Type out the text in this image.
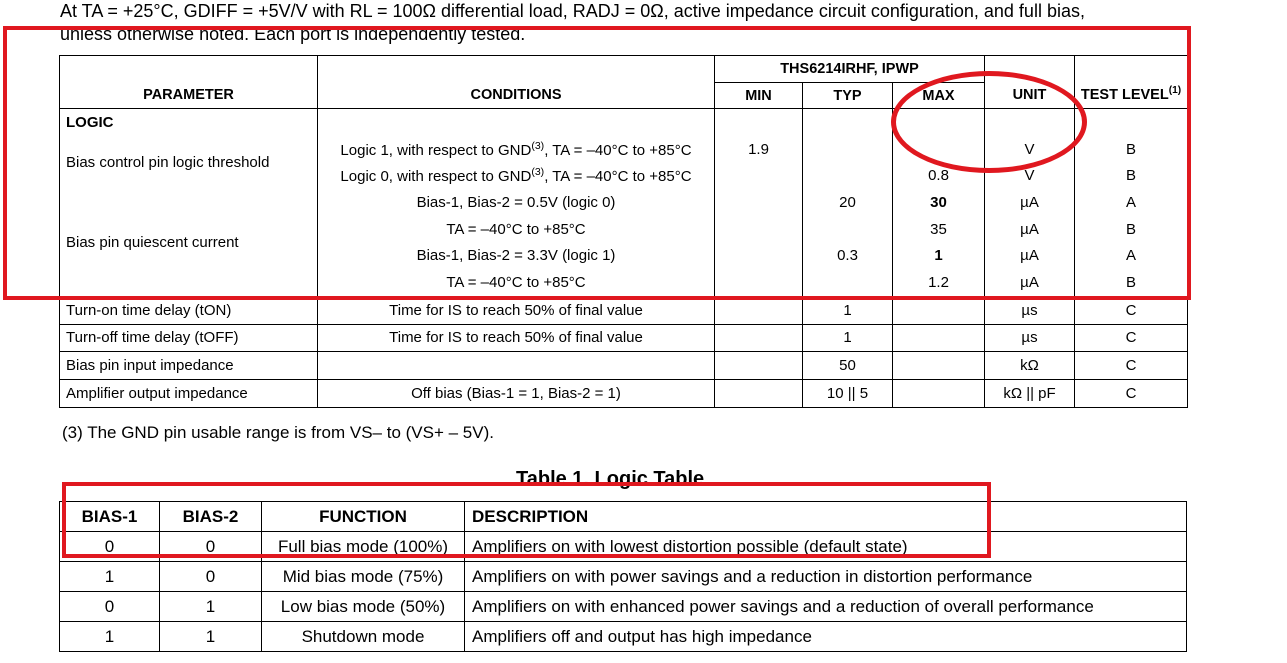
At TA = +25°C, GDIFF = +5V/V with RL = 100Ω differential load, RADJ = 0Ω, active impedance circuit configuration, and full bias,
unless otherwise noted. Each port is independently tested.
PARAMETER	CONDITIONS	THS6214IRHF, IPWP			UNIT	TEST LEVEL$^{(1)}$
		MIN	TYP	MAX		
LOGIC						
Bias control pin logic threshold	Logic 1, with respect to GND$^{(3)}$, TA = –40°C to +85°C	1.9			V	B
	Logic 0, with respect to GND$^{(3)}$, TA = –40°C to +85°C			0.8	V	B
Bias pin quiescent current	Bias-1, Bias-2 = 0.5V (logic 0)		20	30	µA	A
	TA = –40°C to +85°C			35	µA	B
	Bias-1, Bias-2 = 3.3V (logic 1)		0.3	1	µA	A
	TA = –40°C to +85°C			1.2	µA	B
Turn-on time delay (tON)	Time for IS to reach 50% of final value		1		µs	C
Turn-off time delay (tOFF)	Time for IS to reach 50% of final value		1		µs	C
Bias pin input impedance			50		kΩ	C
Amplifier output impedance	Off bias (Bias-1 = 1, Bias-2 = 1)		10 || 5		kΩ || pF	C
(3) The GND pin usable range is from VS– to (VS+ – 5V).
Table 1. Logic Table
BIAS-1	BIAS-2	FUNCTION	DESCRIPTION
0	0	Full bias mode (100%)	Amplifiers on with lowest distortion possible (default state)
1	0	Mid bias mode (75%)	Amplifiers on with power savings and a reduction in distortion performance
0	1	Low bias mode (50%)	Amplifiers on with enhanced power savings and a reduction of overall performance
1	1	Shutdown mode	Amplifiers off and output has high impedance
